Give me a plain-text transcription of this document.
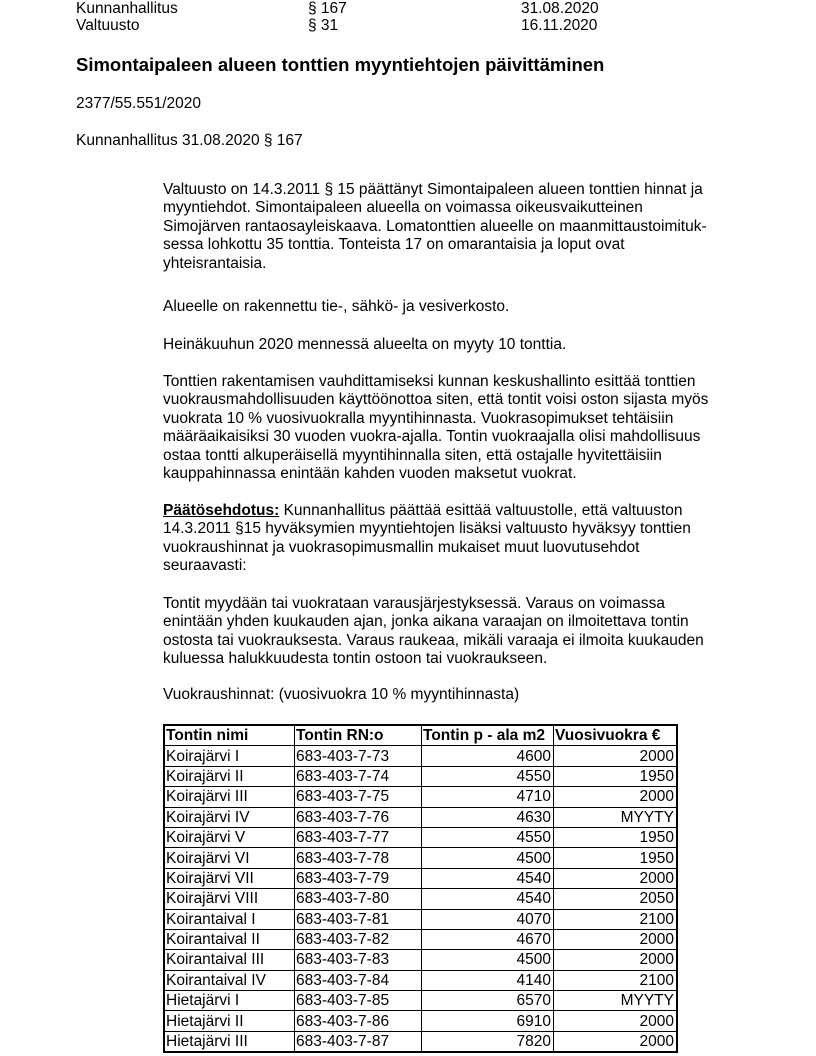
Kunnanhallitus	§ 167	31.08.2020
Valtuusto	§ 31	16.11.2020
Simontaipaleen alueen tonttien myyntiehtojen päivittäminen
2377/55.551/2020
Kunnanhallitus 31.08.2020 § 167
Valtuusto on 14.3.2011 § 15 päättänyt Simontaipaleen alueen tonttien hinnat ja
myyntiehdot. Simontaipaleen alueella on voimassa oikeusvaikutteinen
Simojärven rantaosayleiskaava. Lomatonttien alueelle on maanmittaustoimituk-
sessa lohkottu 35 tonttia. Tonteista 17 on omarantaisia ja loput ovat
yhteisrantaisia.
Alueelle on rakennettu tie-, sähkö- ja vesiverkosto.
Heinäkuuhun 2020 mennessä alueelta on myyty 10 tonttia.
Tonttien rakentamisen vauhdittamiseksi kunnan keskushallinto esittää tonttien
vuokrausmahdollisuuden käyttöönottoa siten, että tontit voisi oston sijasta myös
vuokrata 10 % vuosivuokralla myyntihinnasta. Vuokrasopimukset tehtäisiin
määräaikaisiksi 30 vuoden vuokra-ajalla. Tontin vuokraajalla olisi mahdollisuus
ostaa tontti alkuperäisellä myyntihinnalla siten, että ostajalle hyvitettäisiin
kauppahinnassa enintään kahden vuoden maksetut vuokrat.
Päätösehdotus: Kunnanhallitus päättää esittää valtuustolle, että valtuuston
14.3.2011 §15 hyväksymien myyntiehtojen lisäksi valtuusto hyväksyy tonttien
vuokraushinnat ja vuokrasopimusmallin mukaiset muut luovutusehdot
seuraavasti:
Tontit myydään tai vuokrataan varausjärjestyksessä. Varaus on voimassa
enintään yhden kuukauden ajan, jonka aikana varaajan on ilmoitettava tontin
ostosta tai vuokrauksesta. Varaus raukeaa, mikäli varaaja ei ilmoita kuukauden
kuluessa halukkuudesta tontin ostoon tai vuokraukseen.
Vuokraushinnat: (vuosivuokra 10 % myyntihinnasta)
Tontin nimi	Tontin RN:o	Tontin p - ala m2	Vuosivuokra €
Koirajärvi I	683-403-7-73	4600	2000
Koirajärvi II	683-403-7-74	4550	1950
Koirajärvi III	683-403-7-75	4710	2000
Koirajärvi IV	683-403-7-76	4630	MYYTY
Koirajärvi V	683-403-7-77	4550	1950
Koirajärvi VI	683-403-7-78	4500	1950
Koirajärvi VII	683-403-7-79	4540	2000
Koirajärvi VIII	683-403-7-80	4540	2050
Koirantaival I	683-403-7-81	4070	2100
Koirantaival II	683-403-7-82	4670	2000
Koirantaival III	683-403-7-83	4500	2000
Koirantaival IV	683-403-7-84	4140	2100
Hietajärvi I	683-403-7-85	6570	MYYTY
Hietajärvi II	683-403-7-86	6910	2000
Hietajärvi III	683-403-7-87	7820	2000
